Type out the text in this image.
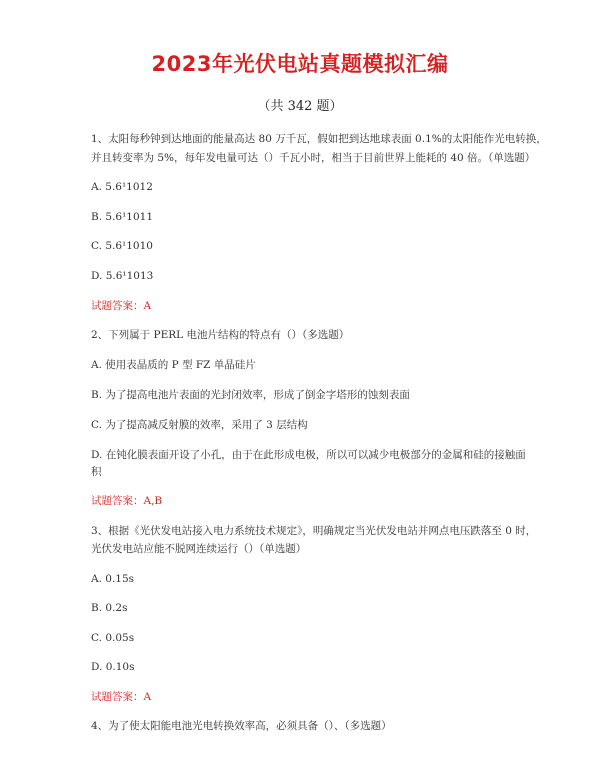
2023年光伏电站真题模拟汇编
（共 342 题）
1、太阳每秒钟到达地面的能量高达 80 万千瓦，假如把到达地球表面 0.1%的太阳能作光电转换，
并且转变率为 5%，每年发电量可达（）千瓦小时，相当于目前世界上能耗的 40 倍。（单选题）
A. 5.6¹1012
B. 5.6¹1011
C. 5.6¹1010
D. 5.6¹1013
试题答案：A
2、下列属于 PERL 电池片结构的特点有（）（多选题）
A. 使用表晶质的 P 型 FZ 单晶硅片
B. 为了提高电池片表面的光封闭效率，形成了倒金字塔形的蚀刻表面
C. 为了提高减反射膜的效率，采用了 3 层结构
D. 在钝化膜表面开设了小孔，由于在此形成电极，所以可以减少电极部分的金属和硅的接触面
积
试题答案：A,B
3、根据《光伏发电站接入电力系统技术规定》，明确规定当光伏发电站并网点电压跌落至 0 时，
光伏发电站应能不脱网连续运行（）（单选题）
A. 0.15s
B. 0.2s
C. 0.05s
D. 0.10s
试题答案：A
4、为了使太阳能电池光电转换效率高，必须具备（）、（多选题）
